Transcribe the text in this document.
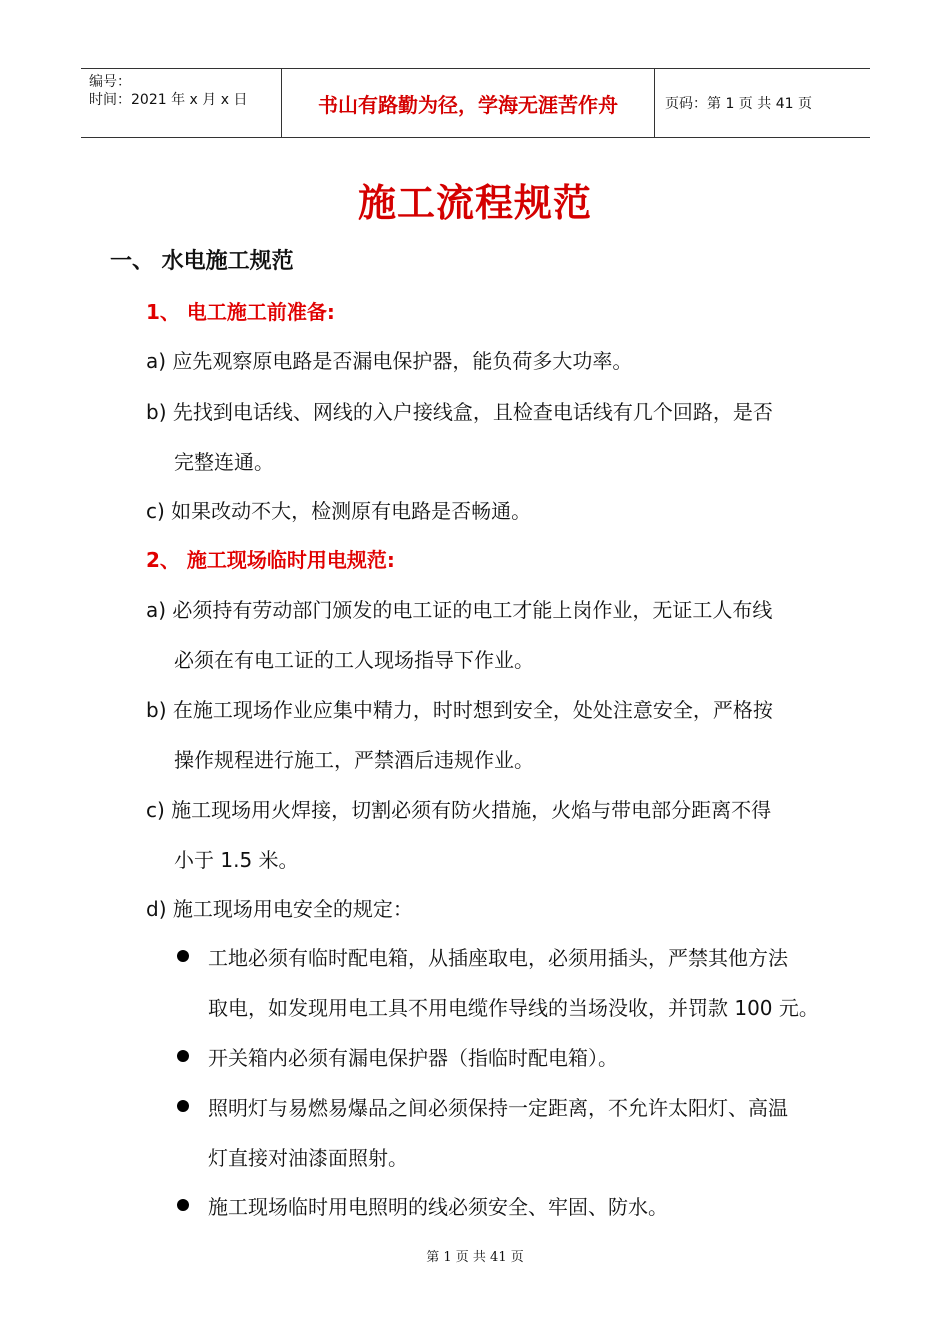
编号：
时间：2021 年 x 月 x 日	书山有路勤为径，学海无涯苦作舟	页码：第 1 页 共 41 页
施工流程规范
一、 水电施工规范
1、 电工施工前准备:
a) 应先观察原电路是否漏电保护器，能负荷多大功率。
b) 先找到电话线、网线的入户接线盒，且检查电话线有几个回路，是否
完整连通。
c) 如果改动不大，检测原有电路是否畅通。
2、 施工现场临时用电规范:
a) 必须持有劳动部门颁发的电工证的电工才能上岗作业，无证工人布线
必须在有电工证的工人现场指导下作业。
b) 在施工现场作业应集中精力，时时想到安全，处处注意安全，严格按
操作规程进行施工，严禁酒后违规作业。
c) 施工现场用火焊接，切割必须有防火措施，火焰与带电部分距离不得
小于 1.5 米。
d) 施工现场用电安全的规定：
工地必须有临时配电箱，从插座取电，必须用插头，严禁其他方法
取电，如发现用电工具不用电缆作导线的当场没收，并罚款 100 元。
开关箱内必须有漏电保护器（指临时配电箱）。
照明灯与易燃易爆品之间必须保持一定距离，不允许太阳灯、高温
灯直接对油漆面照射。
施工现场临时用电照明的线必须安全、牢固、防水。
第 1 页 共 41 页
